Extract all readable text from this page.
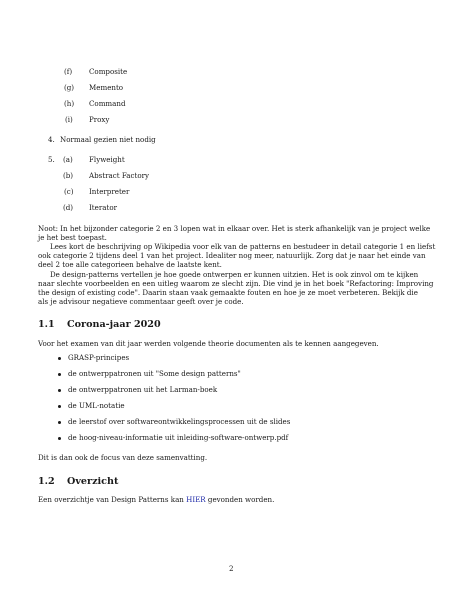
(f) Composite
(g) Memento
(h) Command
(i) Proxy
4. Normaal gezien niet nodig
5. (a) Flyweight
(b) Abstract Factory
(c) Interpreter
(d) Iterator
Noot: In het bijzonder categorie 2 en 3 lopen wat in elkaar over. Het is sterk afhankelijk van je project welke
je het best toepast.
Lees kort de beschrijving op Wikipedia voor elk van de patterns en bestudeer in detail categorie 1 en liefst
ook categorie 2 tijdens deel 1 van het project. Idealiter nog meer, natuurlijk. Zorg dat je naar het einde van
deel 2 toe alle categorieen behalve de laatste kent.
De design-patterns vertellen je hoe goede ontwerpen er kunnen uitzien. Het is ook zinvol om te kijken
naar slechte voorbeelden en een uitleg waarom ze slecht zijn. Die vind je in het boek "Refactoring: Improving
the design of existing code". Daarin staan vaak gemaakte fouten en hoe je ze moet verbeteren. Bekijk die
als je advisour negatieve commentaar geeft over je code.
1.1 Corona-jaar 2020
Voor het examen van dit jaar werden volgende theorie documenten als te kennen aangegeven.
GRASP-principes
de ontwerppatronen uit "Some design patterns"
de ontwerppatronen uit het Larman-boek
de UML-notatie
de leerstof over softwareontwikkelingsprocessen uit de slides
de hoog-niveau-informatie uit inleiding-software-ontwerp.pdf
Dit is dan ook de focus van deze samenvatting.
1.2 Overzicht
Een overzichtje van Design Patterns kan HIER gevonden worden.
2
